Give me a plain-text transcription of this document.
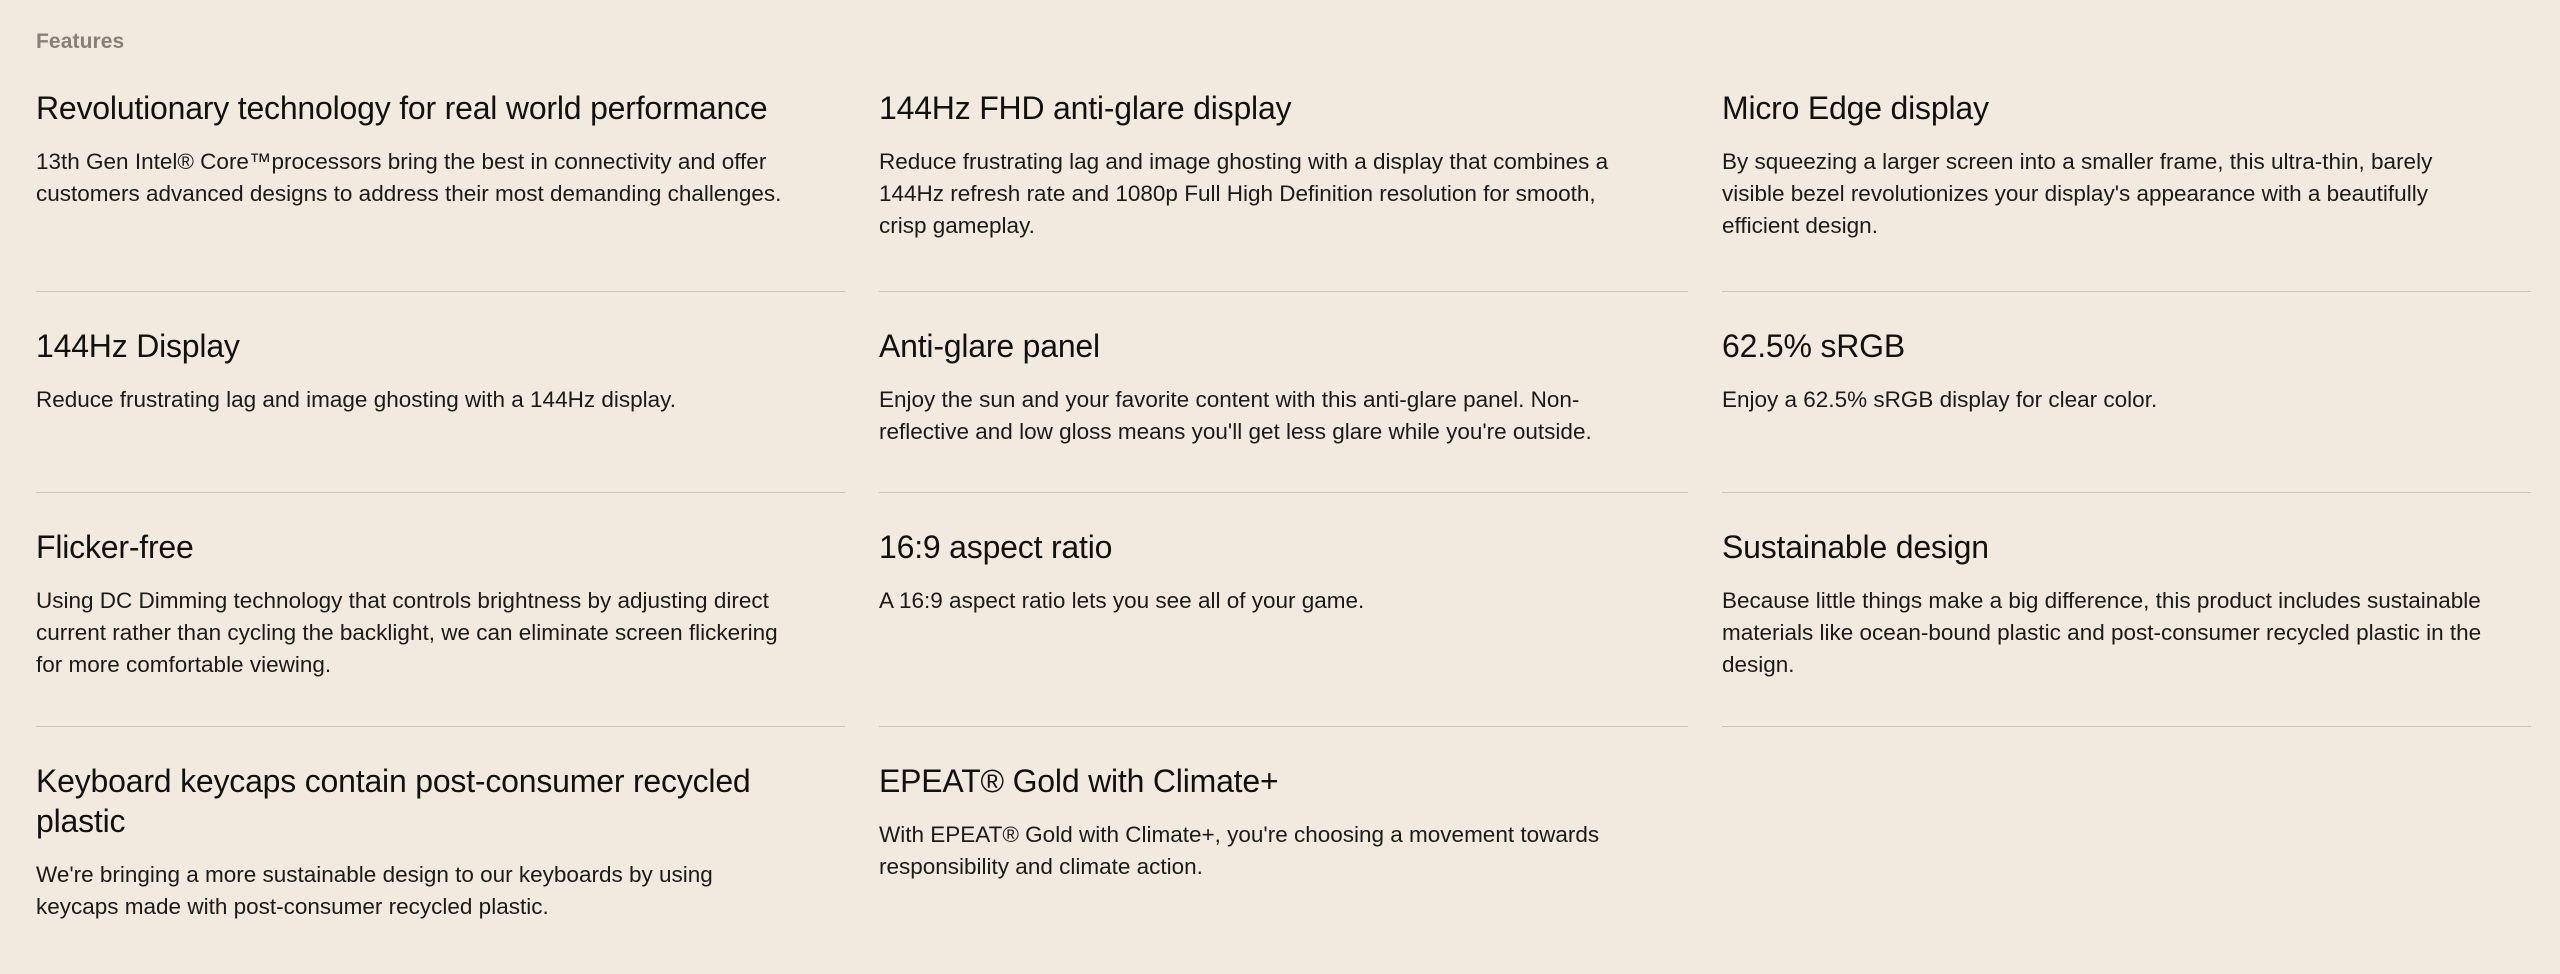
Features
Revolutionary technology for real world performance

13th Gen Intel® Core™processors bring the best in connectivity and offer customers advanced designs to address their most demanding challenges.

144Hz FHD anti-glare display

Reduce frustrating lag and image ghosting with a display that combines a 144Hz refresh rate and 1080p Full High Definition resolution for smooth, crisp gameplay.

Micro Edge display

By squeezing a larger screen into a smaller frame, this ultra-thin, barely visible bezel revolutionizes your display's appearance with a beautifully efficient design.

144Hz Display

Reduce frustrating lag and image ghosting with a 144Hz display.

Anti-glare panel

Enjoy the sun and your favorite content with this anti-glare panel. Non-reflective and low gloss means you'll get less glare while you're outside.

62.5% sRGB

Enjoy a 62.5% sRGB display for clear color.

Flicker-free

Using DC Dimming technology that controls brightness by adjusting direct current rather than cycling the backlight, we can eliminate screen flickering for more comfortable viewing.

16:9 aspect ratio

A 16:9 aspect ratio lets you see all of your game.

Sustainable design

Because little things make a big difference, this product includes sustainable materials like ocean-bound plastic and post-consumer recycled plastic in the design.

Keyboard keycaps contain post-consumer recycled plastic

We're bringing a more sustainable design to our keyboards by using keycaps made with post-consumer recycled plastic.

EPEAT® Gold with Climate+

With EPEAT® Gold with Climate+, you're choosing a movement towards responsibility and climate action.
